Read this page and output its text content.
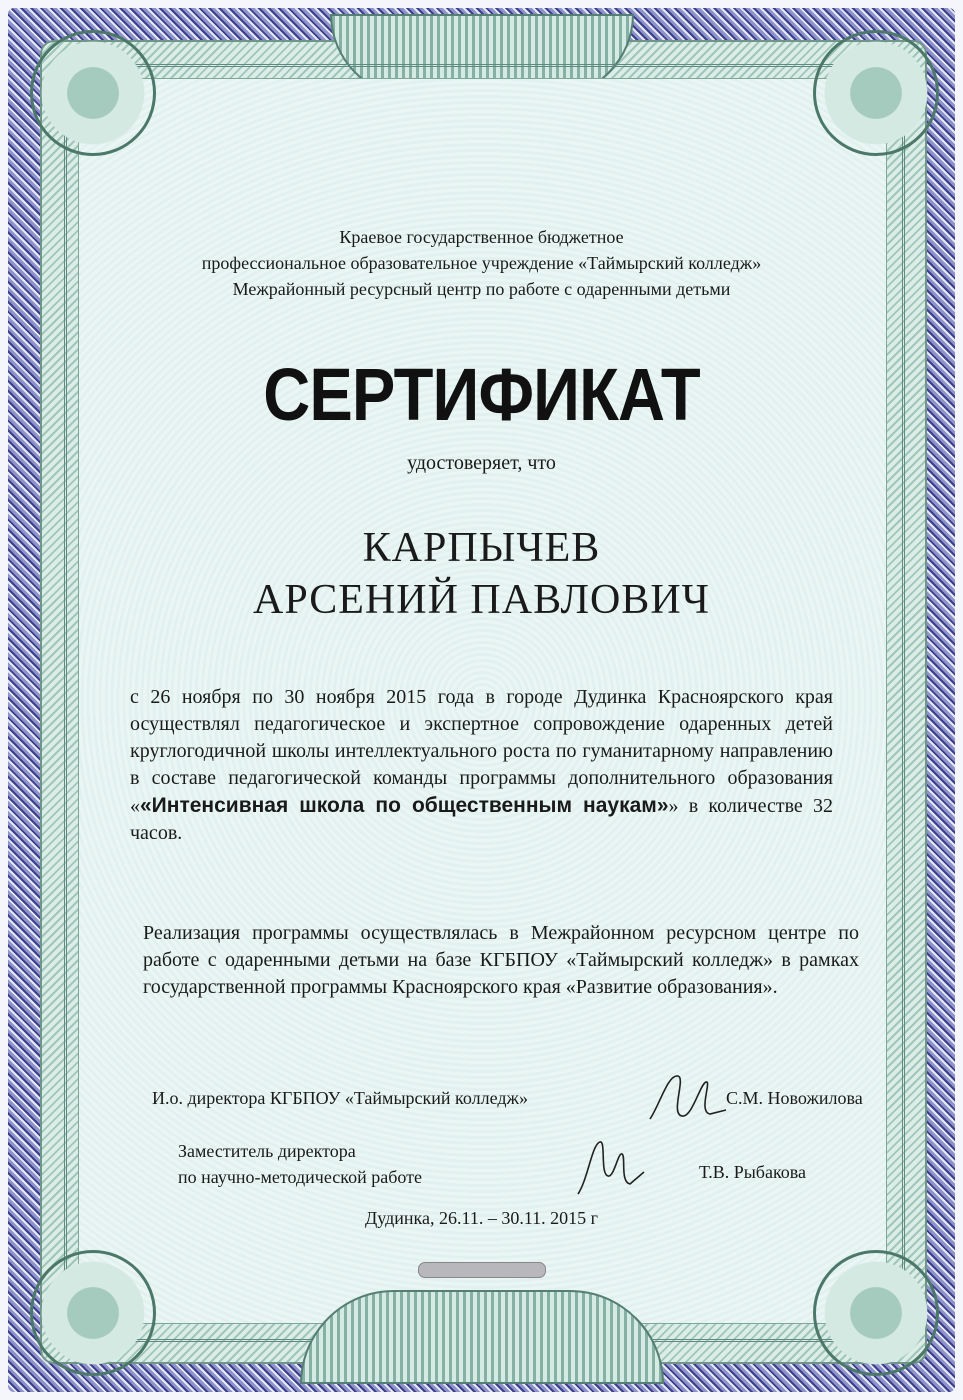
Краевое государственное бюджетное
профессиональное образовательное учреждение «Таймырский колледж»
Межрайонный ресурсный центр по работе с одаренными детьми
СЕРТИФИКАТ
удостоверяет, что
КАРПЫЧЕВ
АРСЕНИЙ ПАВЛОВИЧ
с 26 ноября по 30 ноября 2015 года в городе Дудинка Красноярского края осуществлял педагогическое и экспертное сопровождение одаренных детей круглогодичной школы интеллектуального роста по гуманитарному направлению в составе педагогической команды программы дополнительного образования ««Интенсивная школа по общественным наукам»» в количестве 32 часов.
Реализация программы осуществлялась в Межрайонном ресурсном центре по работе с одаренными детьми на базе КГБПОУ «Таймырский колледж» в рамках государственной программы Красноярского края «Развитие образования».
И.о. директора КГБПОУ «Таймырский колледж»	С.М. Новожилова
Заместитель директора
по научно-методической работе	Т.В. Рыбакова
Дудинка, 26.11. – 30.11. 2015 г
